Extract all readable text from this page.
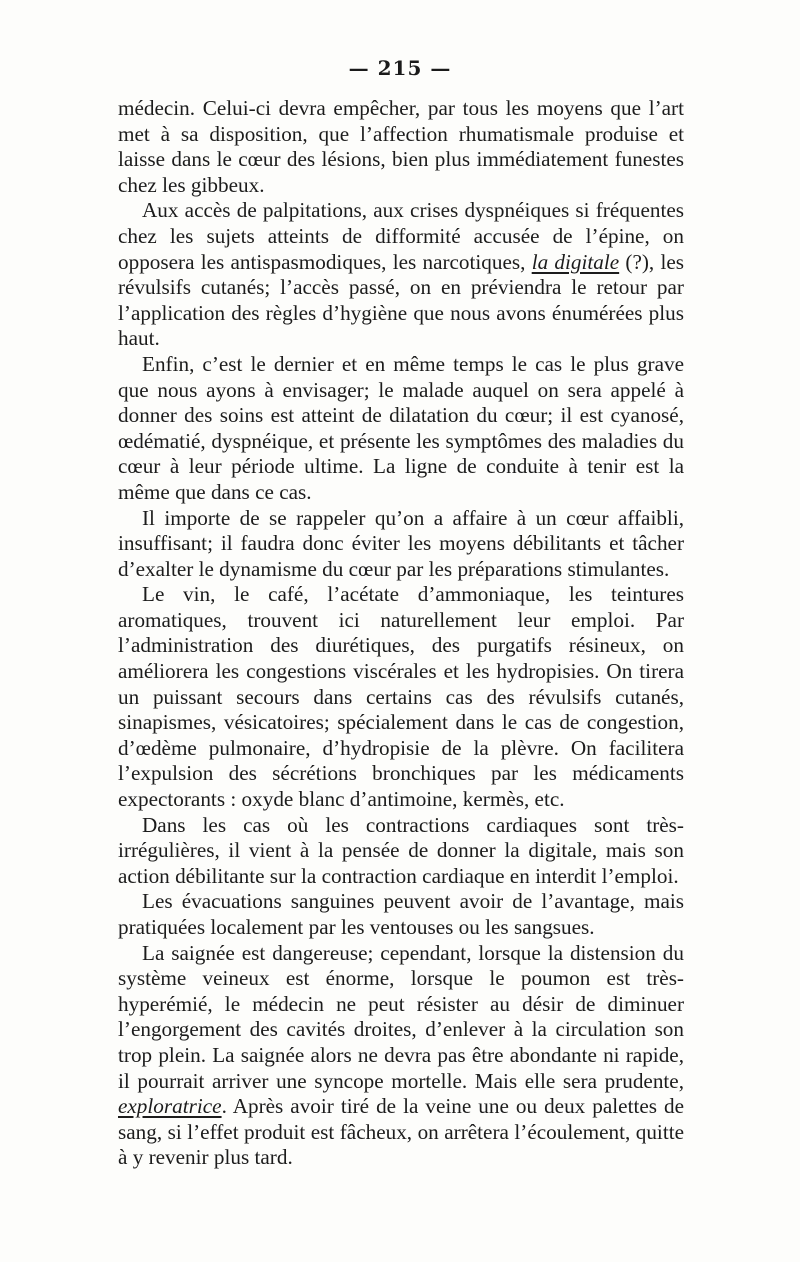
— 215 —

médecin. Celui-ci devra empêcher, par tous les moyens que l’art met à sa disposition, que l’affection rhumatismale produise et laisse dans le cœur des lésions, bien plus immédiatement funestes chez les gibbeux.

Aux accès de palpitations, aux crises dyspnéiques si fréquentes chez les sujets atteints de difformité accusée de l’épine, on opposera les antispasmodiques, les narcotiques, la digitale (?), les révulsifs cutanés; l’accès passé, on en préviendra le retour par l’application des règles d’hygiène que nous avons énumérées plus haut.

Enfin, c’est le dernier et en même temps le cas le plus grave que nous ayons à envisager; le malade auquel on sera appelé à donner des soins est atteint de dilatation du cœur; il est cyanosé, œdématié, dyspnéique, et présente les symptômes des maladies du cœur à leur période ultime. La ligne de conduite à tenir est la même que dans ce cas.

Il importe de se rappeler qu’on a affaire à un cœur affaibli, insuffisant; il faudra donc éviter les moyens débilitants et tâcher d’exalter le dynamisme du cœur par les préparations stimulantes.

Le vin, le café, l’acétate d’ammoniaque, les teintures aromatiques, trouvent ici naturellement leur emploi. Par l’administration des diurétiques, des purgatifs résineux, on améliorera les congestions viscérales et les hydropisies. On tirera un puissant secours dans certains cas des révulsifs cutanés, sinapismes, vésicatoires; spécialement dans le cas de congestion, d’œdème pulmonaire, d’hydropisie de la plèvre. On facilitera l’expulsion des sécrétions bronchiques par les médicaments expectorants : oxyde blanc d’antimoine, kermès, etc.

Dans les cas où les contractions cardiaques sont très-irrégulières, il vient à la pensée de donner la digitale, mais son action débilitante sur la contraction cardiaque en interdit l’emploi.

Les évacuations sanguines peuvent avoir de l’avantage, mais pratiquées localement par les ventouses ou les sangsues.

La saignée est dangereuse; cependant, lorsque la distension du système veineux est énorme, lorsque le poumon est très-hyperémié, le médecin ne peut résister au désir de diminuer l’engorgement des cavités droites, d’enlever à la circulation son trop plein. La saignée alors ne devra pas être abondante ni rapide, il pourrait arriver une syncope mortelle. Mais elle sera prudente, exploratrice. Après avoir tiré de la veine une ou deux palettes de sang, si l’effet produit est fâcheux, on arrêtera l’écoulement, quitte à y revenir plus tard.
